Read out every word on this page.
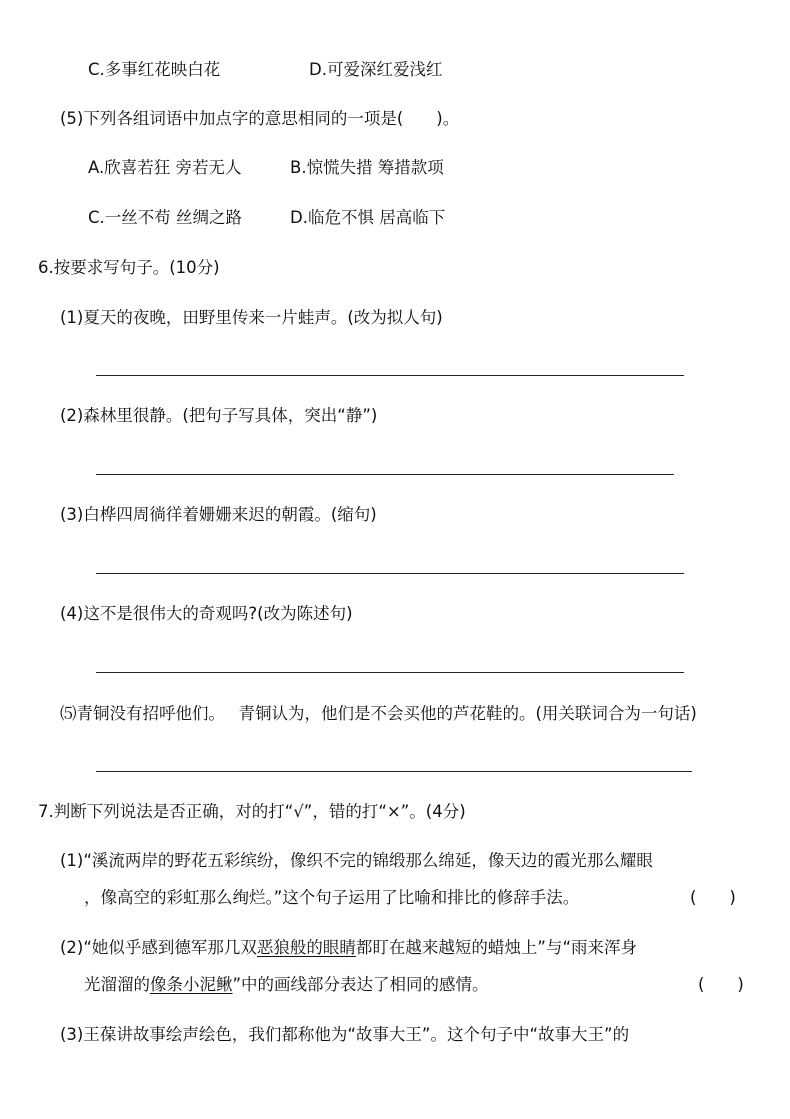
C.多事红花映白花	D.可爱深红爱浅红
(5)下列各组词语中加点字的意思相同的一项是(　　)。
A.欣喜若狂 旁若无人	B.惊慌失措 筹措款项
C.一丝不苟 丝绸之路	D.临危不惧 居高临下
6.按要求写句子。(10分)
(1)夏天的夜晚，田野里传来一片蛙声。(改为拟人句)
(2)森林里很静。(把句子写具体，突出“静”)
(3)白桦四周徜徉着姗姗来迟的朝霞。(缩句)
(4)这不是很伟大的奇观吗?(改为陈述句)
⑸青铜没有招呼他们。　 青铜认为，他们是不会买他的芦花鞋的。(用关联词合为一句话)
7.判断下列说法是否正确，对的打“√”，错的打“×”。(4分)
(1)“溪流两岸的野花五彩缤纷，像织不完的锦缎那么绵延，像天边的霞光那么耀眼
，像高空的彩虹那么绚烂。”这个句子运用了比喻和排比的修辞手法。	(　　)
(2)“她似乎感到德军那几双恶狼般的眼睛都盯在越来越短的蜡烛上”与“雨来浑身
光溜溜的像条小泥鳅”中的画线部分表达了相同的感情。	(　　)
(3)王葆讲故事绘声绘色，我们都称他为“故事大王”。这个句子中“故事大王”的
